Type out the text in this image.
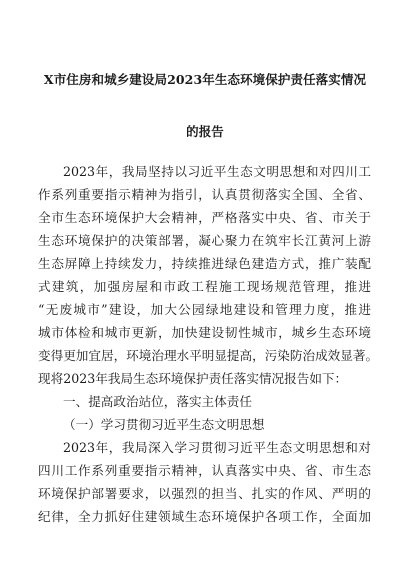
X市住房和城乡建设局2023年生态环境保护责任落实情况
的报告
2023年，我局坚持以习近平生态文明思想和对四川工
作系列重要指示精神为指引，认真贯彻落实全国、全省、
全市生态环境保护大会精神，严格落实中央、省、市关于
生态环境保护的决策部署，凝心聚力在筑牢长江黄河上游
生态屏障上持续发力，持续推进绿色建造方式，推广装配
式建筑，加强房屋和市政工程施工现场规范管理，推进
“无废城市”建设，加大公园绿地建设和管理力度，推进
城市体检和城市更新，加快建设韧性城市，城乡生态环境
变得更加宜居，环境治理水平明显提高，污染防治成效显著。
现将2023年我局生态环境保护责任落实情况报告如下：
一、提高政治站位，落实主体责任
（一）学习贯彻习近平生态文明思想
2023年，我局深入学习贯彻习近平生态文明思想和对
四川工作系列重要指示精神，认真落实中央、省、市生态
环境保护部署要求，以强烈的担当、扎实的作风、严明的
纪律，全力抓好住建领域生态环境保护各项工作，全面加
